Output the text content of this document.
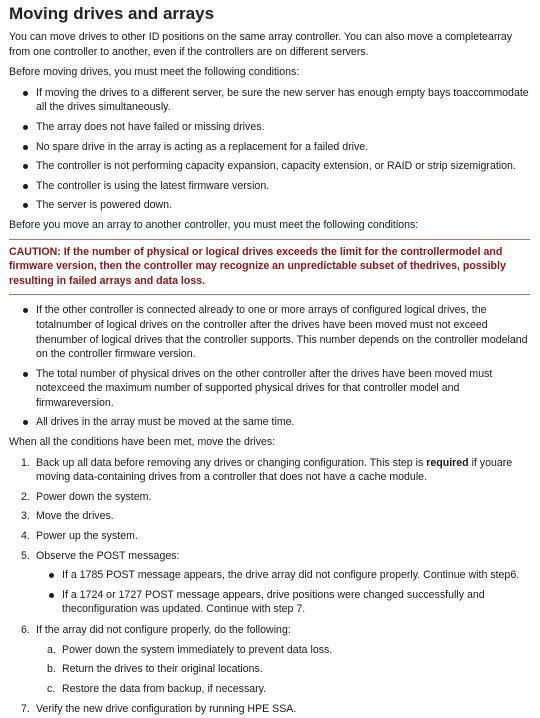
Moving drives and arrays

You can move drives to other ID positions on the same array controller. You can also move a completearray from one controller to another, even if the controllers are on different servers.

Before moving drives, you must meet the following conditions:

If moving the drives to a different server, be sure the new server has enough empty bays toaccommodate all the drives simultaneously.
The array does not have failed or missing drives.
No spare drive in the array is acting as a replacement for a failed drive.
The controller is not performing capacity expansion, capacity extension, or RAID or strip sizemigration.
The controller is using the latest firmware version.
The server is powered down.

Before you move an array to another controller, you must meet the following conditions:

CAUTION: If the number of physical or logical drives exceeds the limit for the controllermodel and firmware version, then the controller may recognize an unpredictable subset of thedrives, possibly resulting in failed arrays and data loss.
If the other controller is connected already to one or more arrays of configured logical drives, the totalnumber of logical drives on the controller after the drives have been moved must not exceed thenumber of logical drives that the controller supports. This number depends on the controller modeland on the controller firmware version.
The total number of physical drives on the other controller after the drives have been moved must notexceed the maximum number of supported physical drives for that controller model and firmwareversion.
All drives in the array must be moved at the same time.

When all the conditions have been met, move the drives:

1. Back up all data before removing any drives or changing configuration. This step is required if youare moving data-containing drives from a controller that does not have a cache module.
2. Power down the system.
3. Move the drives.
4. Power up the system.
5. Observe the POST messages:
If a 1785 POST message appears, the drive array did not configure properly. Continue with step6.
If a 1724 or 1727 POST message appears, drive positions were changed successfully and theconfiguration was updated. Continue with step 7.
6. If the array did not configure properly, do the following:
a. Power down the system immediately to prevent data loss.
b. Return the drives to their original locations.
c. Restore the data from backup, if necessary.
7. Verify the new drive configuration by running HPE SSA.
